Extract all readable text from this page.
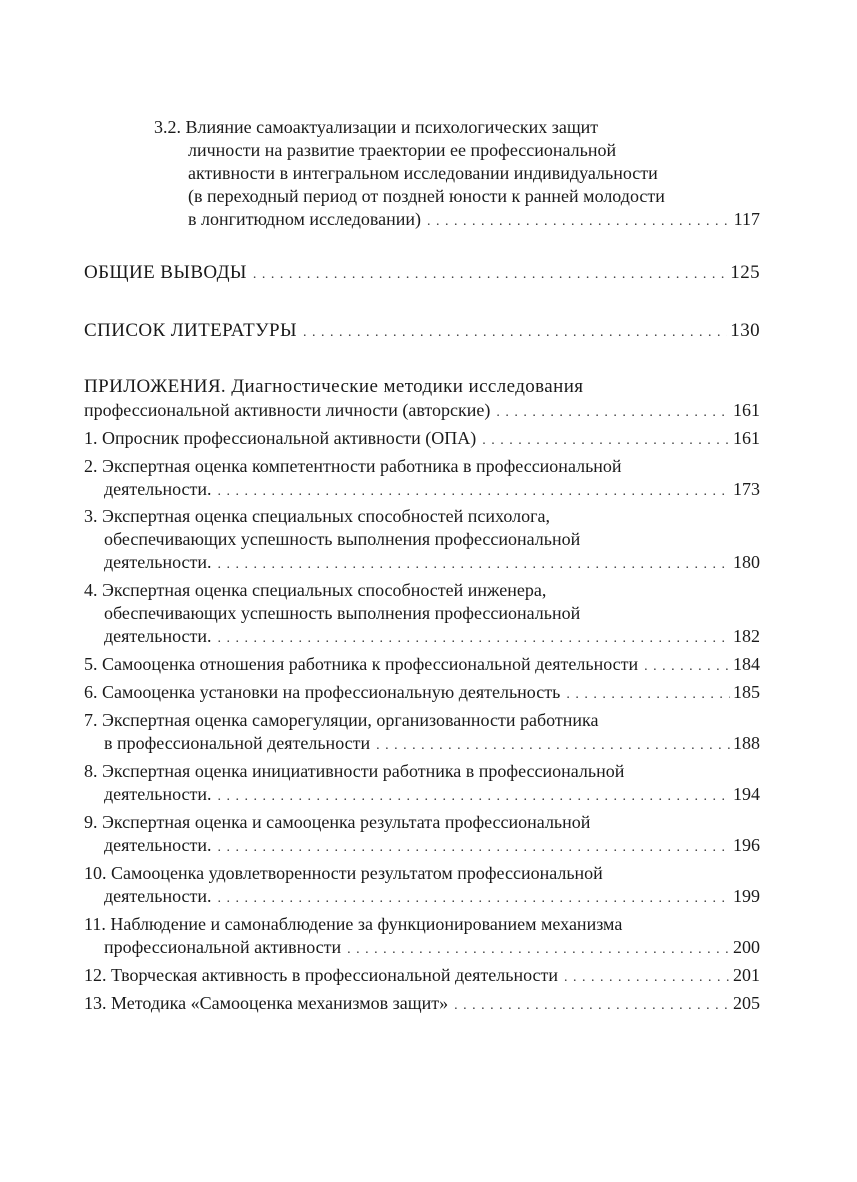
3.2. Влияние самоактуализации и психологических защит
личности на развитие траектории ее профессиональной
активности в интегральном исследовании индивидуальности
(в переходный период от поздней юности к ранней молодости
в лонгитюдном исследовании) . . .	117
ОБЩИЕ ВЫВОДЫ . . .	125
СПИСОК ЛИТЕРАТУРЫ . . .	130
ПРИЛОЖЕНИЯ. Диагностические методики исследования
профессиональной активности личности (авторские) . . .	161
1. Опросник профессиональной активности (ОПА) . . .	161
2. Экспертная оценка компетентности работника в профессиональной
деятельности. . . .	173
3. Экспертная оценка специальных способностей психолога,
обеспечивающих успешность выполнения профессиональной
деятельности. . . .	180
4. Экспертная оценка специальных способностей инженера,
обеспечивающих успешность выполнения профессиональной
деятельности. . . .	182
5. Самооценка отношения работника к профессиональной деятельности . . .	184
6. Самооценка установки на профессиональную деятельность . . .	185
7. Экспертная оценка саморегуляции, организованности работника
в профессиональной деятельности . . .	188
8. Экспертная оценка инициативности работника в профессиональной
деятельности. . . .	194
9. Экспертная оценка и самооценка результата профессиональной
деятельности. . . .	196
10. Самооценка удовлетворенности результатом профессиональной
деятельности. . . .	199
11. Наблюдение и самонаблюдение за функционированием механизма
профессиональной активности . . .	200
12. Творческая активность в профессиональной деятельности . . .	201
13. Методика «Самооценка механизмов защит» . . .	205
